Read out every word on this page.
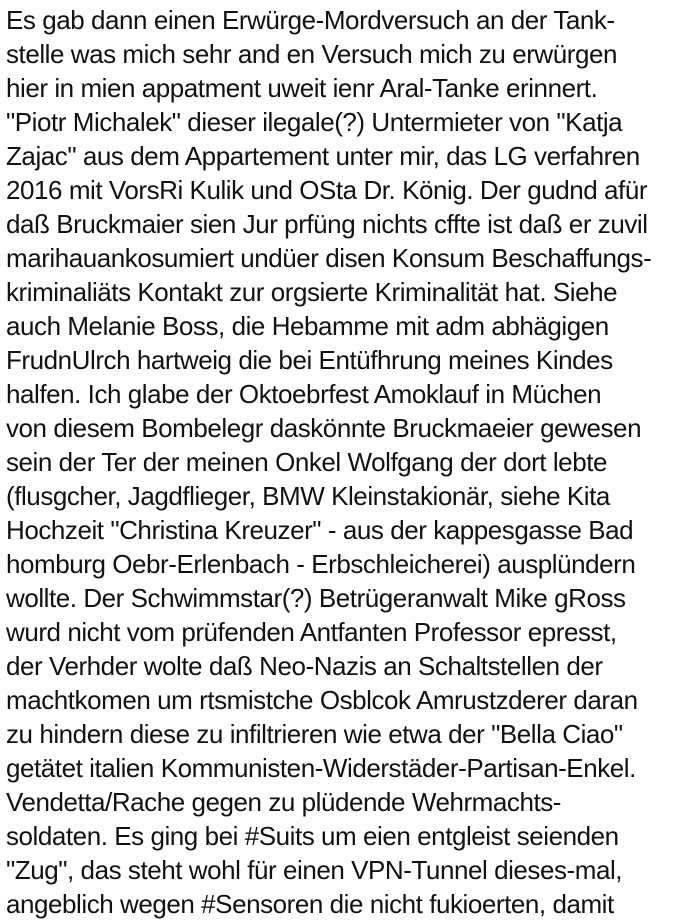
Es gab dann einen Erwürge-Mordversuch an der Tank-
stelle was mich sehr and en Versuch mich zu erwürgen
hier in mien appatment uweit ienr Aral-Tanke erinnert.
"Piotr Michalek" dieser ilegale(?) Untermieter von "Katja
Zajac" aus dem Appartement unter mir, das LG verfahren
2016 mit VorsRi Kulik und OSta Dr. König. Der gudnd afür
daß Bruckmaier sien Jur prfüng nichts cffte ist daß er zuvil
marihauankosumiert undüer disen Konsum Beschaffungs-
kriminaliäts Kontakt zur orgsierte Kriminalität hat. Siehe
auch Melanie Boss, die Hebamme mit adm abhägigen
FrudnUlrch hartweig die bei Entüfhrung meines Kindes
halfen. Ich glabe der Oktoebrfest Amoklauf in Müchen
von diesem Bombelegr daskönnte Bruckmaeier gewesen
sein der Ter der meinen Onkel Wolfgang der dort lebte
(flusgcher, Jagdflieger, BMW Kleinstakionär, siehe Kita
Hochzeit "Christina Kreuzer" - aus der kappesgasse Bad
homburg Oebr-Erlenbach - Erbschleicherei) ausplündern
wollte. Der Schwimmstar(?) Betrügeranwalt Mike gRoss
wurd nicht vom prüfenden Antfanten Professor epresst,
der Verhder wolte daß Neo-Nazis an Schaltstellen der
machtkomen um rtsmistche Osblcok Amrustzderer daran
zu hindern diese zu infiltrieren wie etwa der "Bella Ciao"
getätet italien Kommunisten-Widerstäder-Partisan-Enkel.
Vendetta/Rache gegen zu plüdende Wehrmachts-
soldaten. Es ging bei #Suits um eien entgleist seienden
"Zug", das steht wohl für einen VPN-Tunnel dieses-mal,
angeblich wegen #Sensoren die nicht fukioerten, damit
